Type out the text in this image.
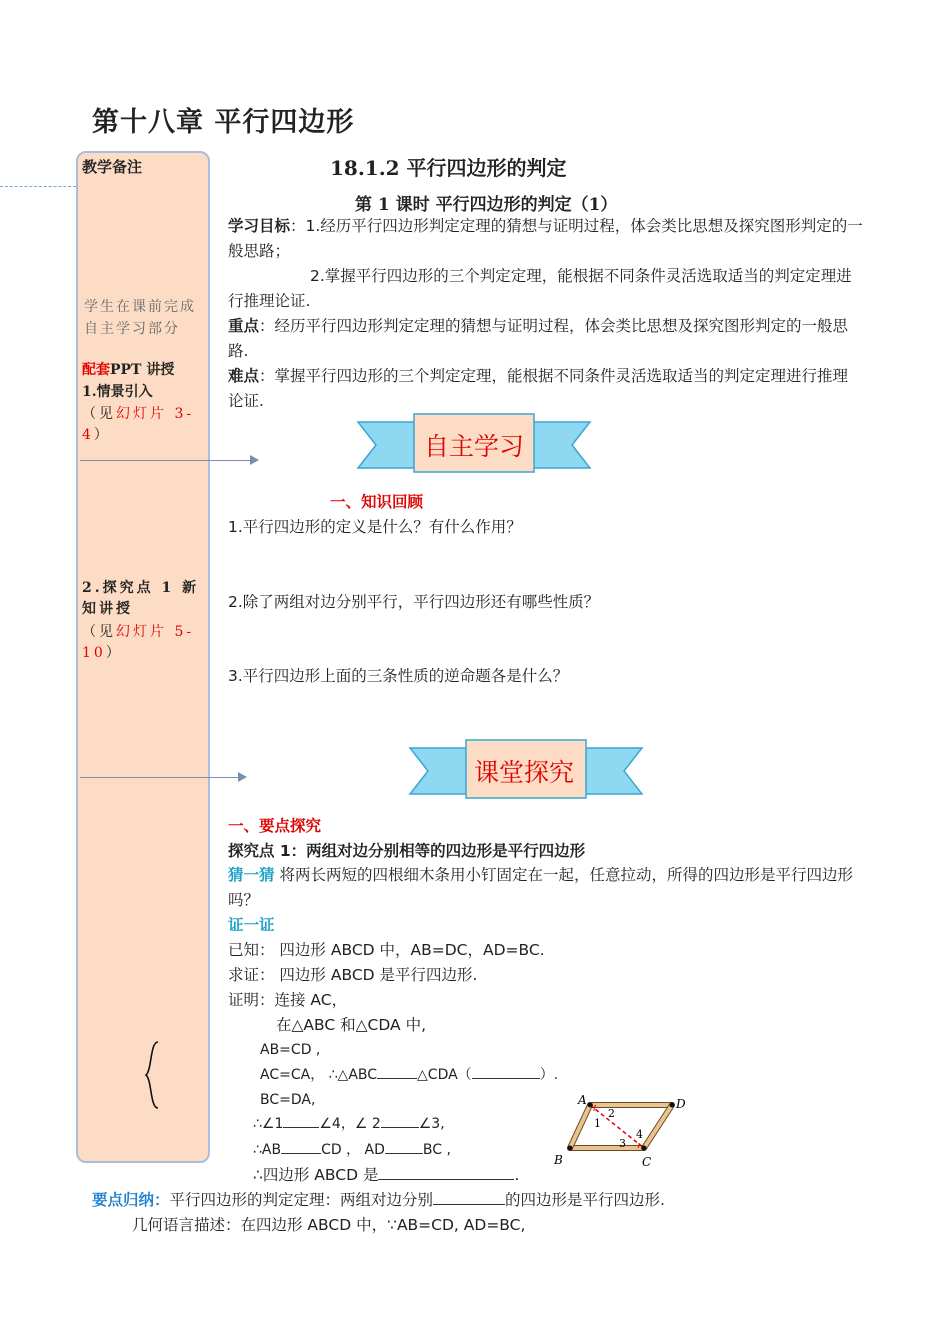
第十八章 平行四边形
教学备注
学生在课前完成自主学习部分
配套PPT 讲授
1.情景引入
（见幻灯片 3-4）
2.探究点 1 新知讲授
（见幻灯片 5-10）
18.1.2 平行四边形的判定
第 1 课时 平行四边形的判定（1）
学习目标：1.经历平行四边形判定定理的猜想与证明过程，体会类比思想及探究图形判定的一般思路；
2.掌握平行四边形的三个判定定理，能根据不同条件灵活选取适当的判定定理进行推理论证.
重点：经历平行四边形判定定理的猜想与证明过程，体会类比思想及探究图形判定的一般思路.
难点：掌握平行四边形的三个判定定理，能根据不同条件灵活选取适当的判定定理进行推理论证.
自主学习
一、知识回顾
1.平行四边形的定义是什么？有什么作用？
2.除了两组对边分别平行，平行四边形还有哪些性质？
3.平行四边形上面的三条性质的逆命题各是什么？
课堂探究
一、要点探究
探究点 1：两组对边分别相等的四边形是平行四边形
猜一猜 将两长两短的四根细木条用小钉固定在一起，任意拉动，所得的四边形是平行四边形吗？
证一证
已知： 四边形 ABCD 中，AB=DC，AD=BC.
求证： 四边形 ABCD 是平行四边形.
证明：连接 AC，
在△ABC 和△CDA 中,
AB=CD ,
AC=CA， ∴△ABC	△CDA（	）.
BC=DA,
∴∠1	∠4，∠ 2	∠3,
∴AB	CD ， AD	BC ,
∴四边形 ABCD 是	.
A	D
B	C
1
2
3
4
要点归纳：平行四边形的判定定理：两组对边分别	的四边形是平行四边形.
几何语言描述：在四边形 ABCD 中，∵AB=CD, AD=BC,
